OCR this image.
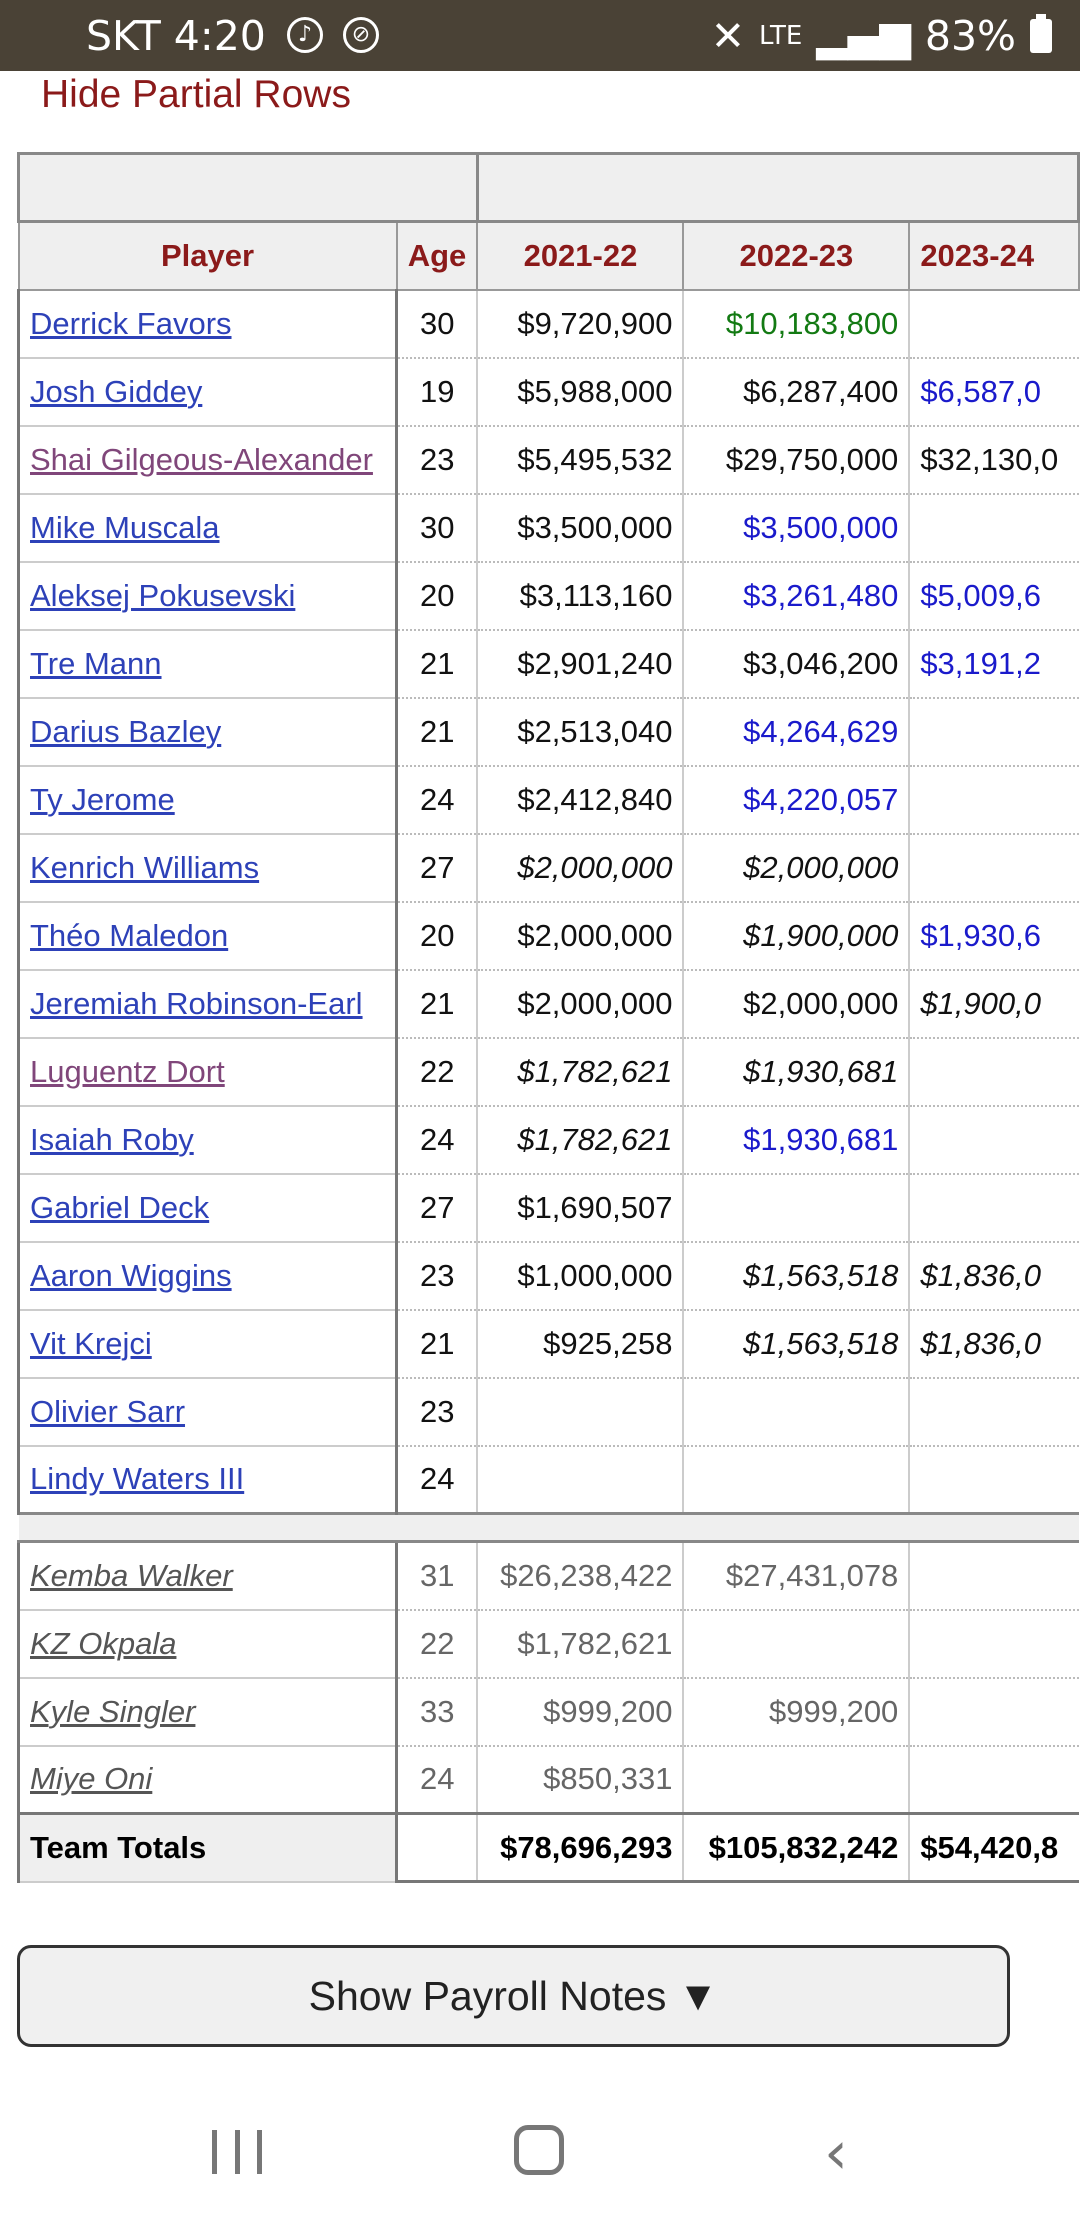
SKT 4:20	♪	⊘	✕ LTE ▂▄▆ 83%
Hide Partial Rows

Player	Age	2021-22	2022-23	2023-24
Derrick Favors	30	$9,720,900	$10,183,800	
Josh Giddey	19	$5,988,000	$6,287,400	$6,587,0
Shai Gilgeous-Alexander	23	$5,495,532	$29,750,000	$32,130,0
Mike Muscala	30	$3,500,000	$3,500,000	
Aleksej Pokusevski	20	$3,113,160	$3,261,480	$5,009,6
Tre Mann	21	$2,901,240	$3,046,200	$3,191,2
Darius Bazley	21	$2,513,040	$4,264,629	
Ty Jerome	24	$2,412,840	$4,220,057	
Kenrich Williams	27	$2,000,000	$2,000,000	
Théo Maledon	20	$2,000,000	$1,900,000	$1,930,6
Jeremiah Robinson-Earl	21	$2,000,000	$2,000,000	$1,900,0
Luguentz Dort	22	$1,782,621	$1,930,681	
Isaiah Roby	24	$1,782,621	$1,930,681	
Gabriel Deck	27	$1,690,507		
Aaron Wiggins	23	$1,000,000	$1,563,518	$1,836,0
Vit Krejci	21	$925,258	$1,563,518	$1,836,0
Olivier Sarr	23			
Lindy Waters III	24			

Kemba Walker	31	$26,238,422	$27,431,078	
KZ Okpala	22	$1,782,621		
Kyle Singler	33	$999,200	$999,200	
Miye Oni	24	$850,331		
Team Totals		$78,696,293	$105,832,242	$54,420,8
Show Payroll Notes ▼
‹
